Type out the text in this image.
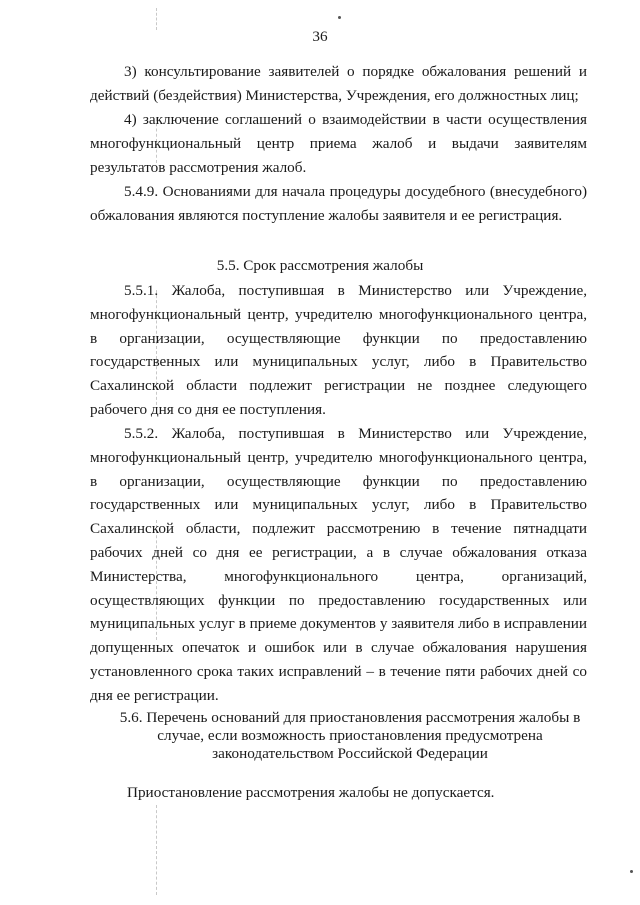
36

3) консультирование заявителей о порядке обжалования решений и действий (бездействия) Министерства, Учреждения, его должностных лиц;

4) заключение соглашений о взаимодействии в части осуществления многофункциональный центр приема жалоб и выдачи заявителям результатов рассмотрения жалоб.

5.4.9. Основаниями для начала процедуры досудебного (внесудебного) обжалования являются поступление жалобы заявителя и ее регистрация.

5.5. Срок рассмотрения жалобы

5.5.1. Жалоба, поступившая в Министерство или Учреждение, многофункциональный центр, учредителю многофункционального центра, в организации, осуществляющие функции по предоставлению государственных или муниципальных услуг, либо в Правительство Сахалинской области подлежит регистрации не позднее следующего рабочего дня со дня ее поступления.

5.5.2. Жалоба, поступившая в Министерство или Учреждение, многофункциональный центр, учредителю многофункционального центра, в организации, осуществляющие функции по предоставлению государственных или муниципальных услуг, либо в Правительство Сахалинской области, подлежит рассмотрению в течение пятнадцати рабочих дней со дня ее регистрации, а в случае обжалования отказа Министерства, многофункционального центра, организаций, осуществляющих функции по предоставлению государственных или муниципальных услуг в приеме документов у заявителя либо в исправлении допущенных опечаток и ошибок или в случае обжалования нарушения установленного срока таких исправлений – в течение пяти рабочих дней со дня ее регистрации.

5.6. Перечень оснований для приостановления рассмотрения жалобы в
случае, если возможность приостановления предусмотрена
законодательством Российской Федерации
Приостановление рассмотрения жалобы не допускается.
